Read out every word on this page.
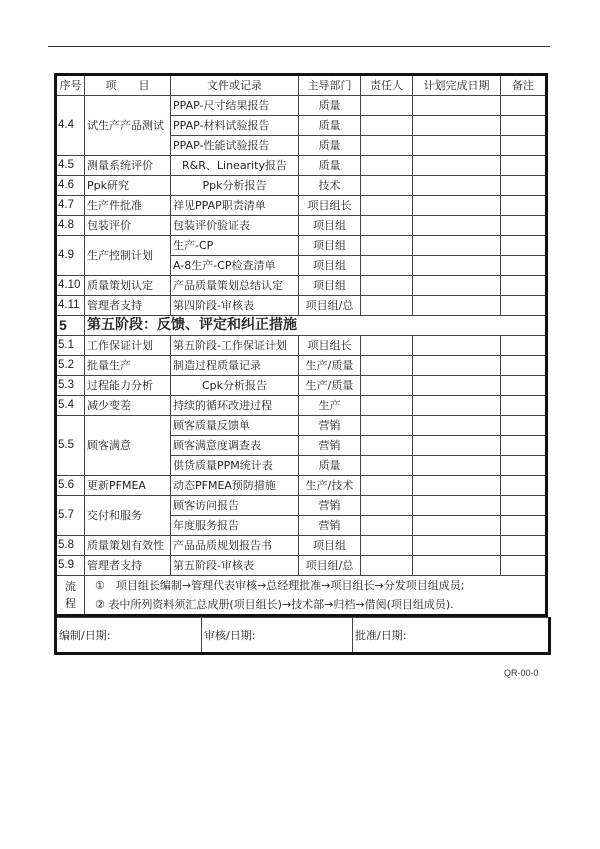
序号	项　　目	文件或记录	主导部门	责任人	计划完成日期	备注
4.4	试生产产品测试	PPAP-尺寸结果报告	质量			
		PPAP-材料试验报告	质量			
		PPAP-性能试验报告	质量			
4.5	测量系统评价	R&R、Linearity报告	质量			
4.6	Ppk研究	Ppk分析报告	技术			
4.7	生产件批准	祥见PPAP职责清单	项目组长			
4.8	包装评价	包装评价验证表	项目组			
4.9	生产控制计划	生产-CP	项目组			
		A-8生产-CP检查清单	项目组			
4.10	质量策划认定	产品质量策划总结认定	项目组			
4.11	管理者支持	第四阶段-审核表	项目组/总			
5	第五阶段：反馈、评定和纠正措施					
5.1	工作保证计划	第五阶段-工作保证计划	项目组长			
5.2	批量生产	制造过程质量记录	生产/质量			
5.3	过程能力分析	Cpk分析报告	生产/质量			
5.4	减少变差	持续的循环改进过程	生产			
5.5	顾客满意	顾客质量反馈单	营销			
		顾客满意度调查表	营销			
		供货质量PPM统计表	质量			
5.6	更新PFMEA	动态PFMEA预防措施	生产/技术			
5.7	交付和服务	顾客访问报告	营销			
		年度服务报告	营销			
5.8	质量策划有效性	产品品质规划报告书	项目组			
5.9	管理者支持	第五阶段-审核表	项目组/总			
流
程	①　项目组长编制→管理代表审核→总经理批准→项目组长→分发项目组成员;					
	② 表中所列资料须汇总成册(项目组长)→技术部→归档→借阅(项目组成员).					
编制/日期:	审核/日期:	批准/日期:
QR-00-0
